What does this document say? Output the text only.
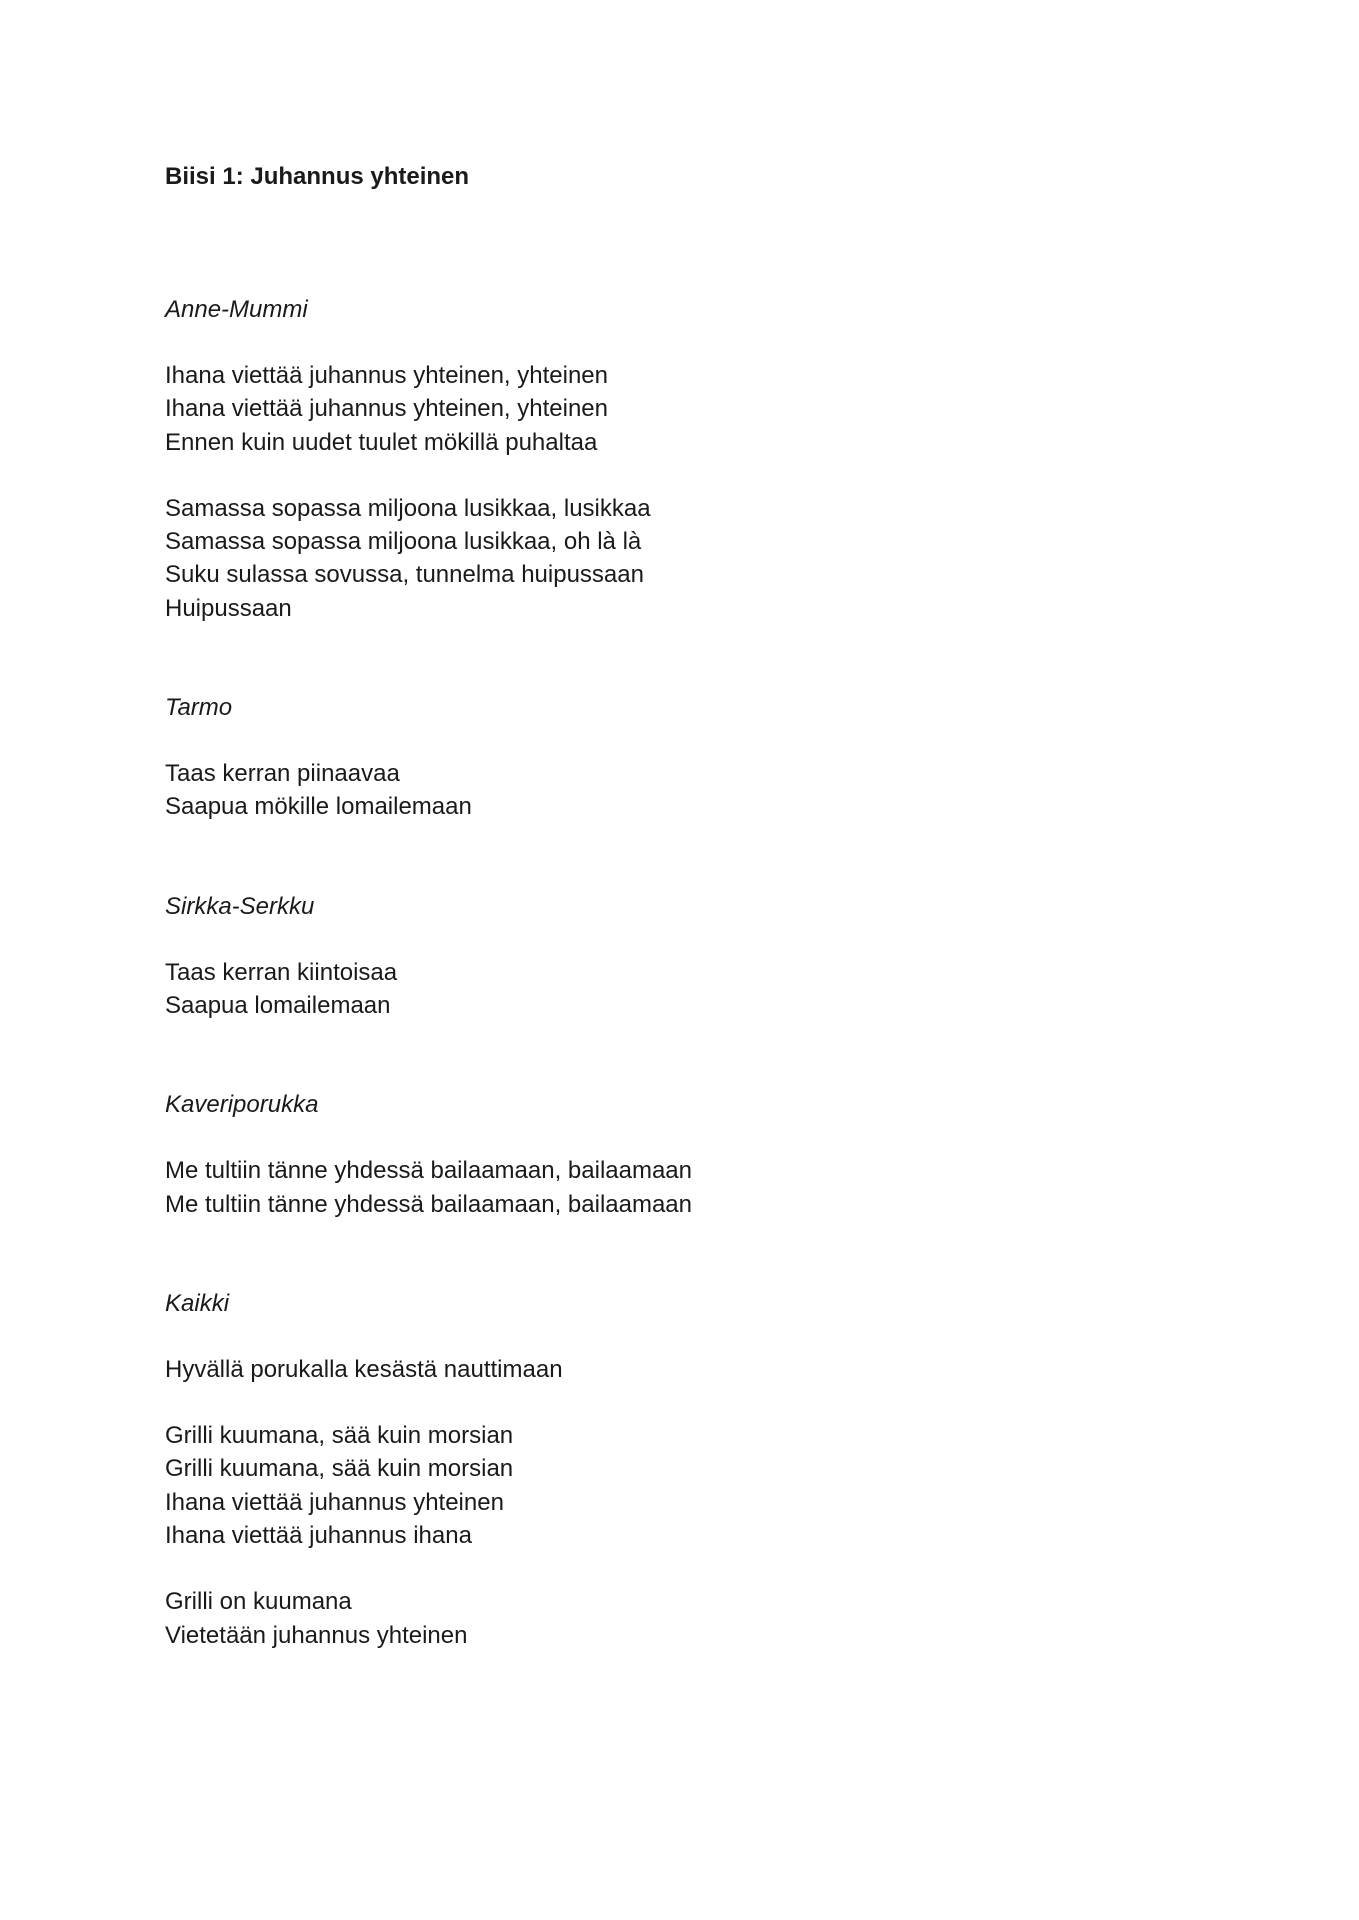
Biisi 1: Juhannus yhteinen

Anne-Mummi

Ihana viettää juhannus yhteinen, yhteinen

Ihana viettää juhannus yhteinen, yhteinen

Ennen kuin uudet tuulet mökillä puhaltaa

Samassa sopassa miljoona lusikkaa, lusikkaa

Samassa sopassa miljoona lusikkaa, oh là là

Suku sulassa sovussa, tunnelma huipussaan

Huipussaan

Tarmo

Taas kerran piinaavaa

Saapua mökille lomailemaan

Sirkka-Serkku

Taas kerran kiintoisaa

Saapua lomailemaan

Kaveriporukka

Me tultiin tänne yhdessä bailaamaan, bailaamaan

Me tultiin tänne yhdessä bailaamaan, bailaamaan

Kaikki

Hyvällä porukalla kesästä nauttimaan

Grilli kuumana, sää kuin morsian

Grilli kuumana, sää kuin morsian

Ihana viettää juhannus yhteinen

Ihana viettää juhannus ihana

Grilli on kuumana

Vietetään juhannus yhteinen
